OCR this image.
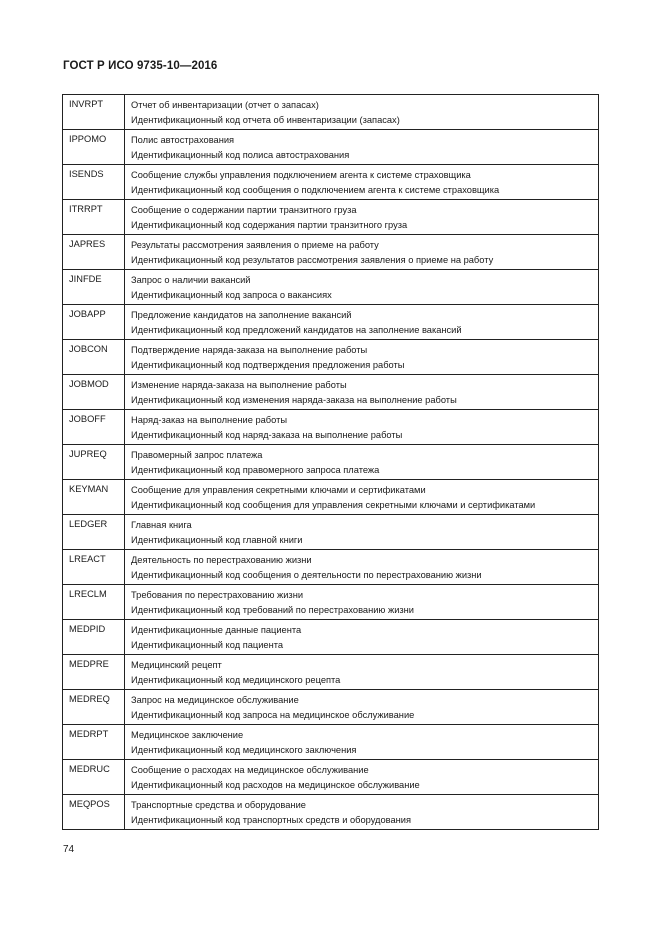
ГОСТ Р ИСО 9735-10—2016
INVRPT	Отчет об инвентаризации (отчет о запасах)
Идентификационный код отчета об инвентаризации (запасах)

IPPOMO	Полис автострахования
Идентификационный код полиса автострахования

ISENDS	Сообщение службы управления подключением агента к системе страховщика
Идентификационный код сообщения о подключением агента к системе страховщика

ITRRPT	Сообщение о содержании партии транзитного груза
Идентификационный код содержания партии транзитного груза

JAPRES	Результаты рассмотрения заявления о приеме на работу
Идентификационный код результатов рассмотрения заявления о приеме на работу

JINFDE	Запрос о наличии вакансий
Идентификационный код запроса о вакансиях

JOBAPP	Предложение кандидатов на заполнение вакансий
Идентификационный код предложений кандидатов на заполнение вакансий

JOBCON	Подтверждение наряда-заказа на выполнение работы
Идентификационный код подтверждения предложения работы

JOBMOD	Изменение наряда-заказа на выполнение работы
Идентификационный код изменения наряда-заказа на выполнение работы

JOBOFF	Наряд-заказ на выполнение работы
Идентификационный код наряд-заказа на выполнение работы

JUPREQ	Правомерный запрос платежа
Идентификационный код правомерного запроса платежа

KEYMAN	Сообщение для управления секретными ключами и сертификатами
Идентификационный код сообщения для управления секретными ключами и сертификатами

LEDGER	Главная книга
Идентификационный код главной книги

LREACT	Деятельность по перестрахованию жизни
Идентификационный код сообщения о деятельности по перестрахованию жизни

LRECLM	Требования по перестрахованию жизни
Идентификационный код требований по перестрахованию жизни

MEDPID	Идентификационные данные пациента
Идентификационный код пациента

MEDPRE	Медицинский рецепт
Идентификационный код медицинского рецепта

MEDREQ	Запрос на медицинское обслуживание
Идентификационный код запроса на медицинское обслуживание

MEDRPT	Медицинское заключение
Идентификационный код медицинского заключения

MEDRUC	Сообщение о расходах на медицинское обслуживание
Идентификационный код расходов на медицинское обслуживание

MEQPOS	Транспортные средства и оборудование
Идентификационный код транспортных средств и оборудования
74
